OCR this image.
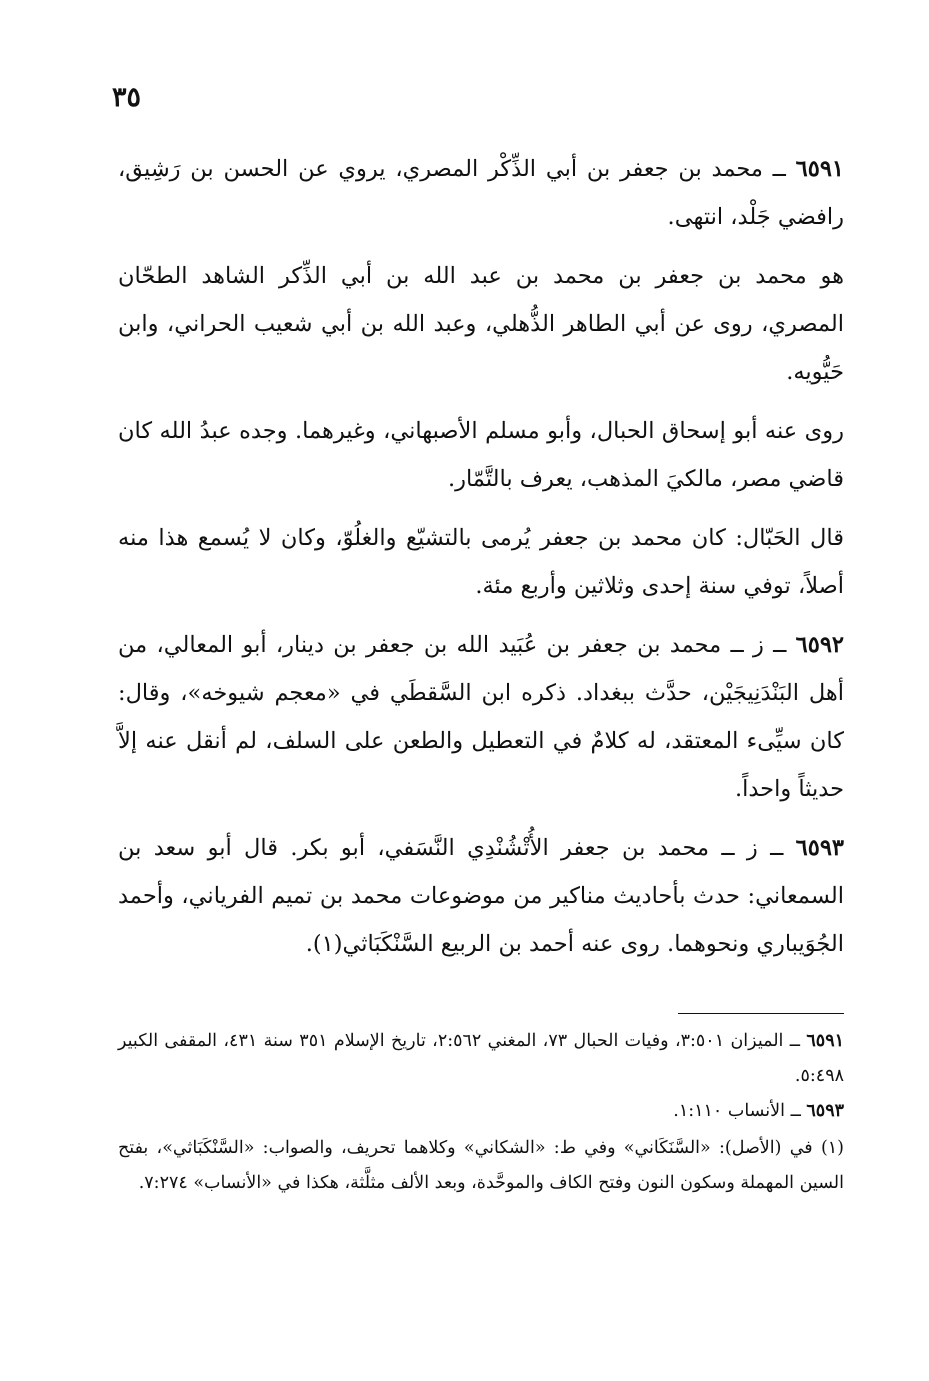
٣٥

٦٥٩١ ــ محمد بن جعفر بن أبي الذِّكْر المصري، يروي عن الحسن بن رَشِيق، رافضي جَلْد، انتهى.

هو محمد بن جعفر بن محمد بن عبد الله بن أبي الذِّكر الشاهد الطحّان المصري، روى عن أبي الطاهر الذُّهلي، وعبد الله بن أبي شعيب الحراني، وابن حَيُّويه.

روى عنه أبو إسحاق الحبال، وأبو مسلم الأصبهاني، وغيرهما. وجده عبدُ الله كان قاضي مصر، مالكيَ المذهب، يعرف بالتَّمّار.

قال الحَبّال: كان محمد بن جعفر يُرمى بالتشيّع والغلُوّ، وكان لا يُسمع هذا منه أصلاً، توفي سنة إحدى وثلاثين وأربع مئة.

٦٥٩٢ ــ ز ــ محمد بن جعفر بن عُبَيد الله بن جعفر بن دينار، أبو المعالي، من أهل البَنْدَنِيجَيْن، حدَّث ببغداد. ذكره ابن السَّقطَي في «معجم شيوخه»، وقال: كان سيِّىء المعتقد، له كلامٌ في التعطيل والطعن على السلف، لم أنقل عنه إلاَّ حديثاً واحداً.

٦٥٩٣ ــ ز ــ محمد بن جعفر الأُتْشُنْدِي النَّسَفي، أبو بكر. قال أبو سعد بن السمعاني: حدث بأحاديث مناكير من موضوعات محمد بن تميم الفرياني، وأحمد الجُوَيباري ونحوهما. روى عنه أحمد بن الربيع السَّنْكَبَاثي(١).

٦٥٩١ ــ الميزان ٣:٥٠١، وفيات الحبال ٧٣، المغني ٢:٥٦٢، تاريخ الإسلام ٣٥١ سنة ٤٣١، المقفى الكبير ٥:٤٩٨.

٦٥٩٣ ــ الأنساب ١:١١٠.

(١) في (الأصل): «السَّنَكَاني» وفي ط: «الشكاني» وكلاهما تحريف، والصواب: «السَّنْكَبَاثي»، بفتح السين المهملة وسكون النون وفتح الكاف والموحَّدة، وبعد الألف مثلَّثة، هكذا في «الأنساب» ٧:٢٧٤.
